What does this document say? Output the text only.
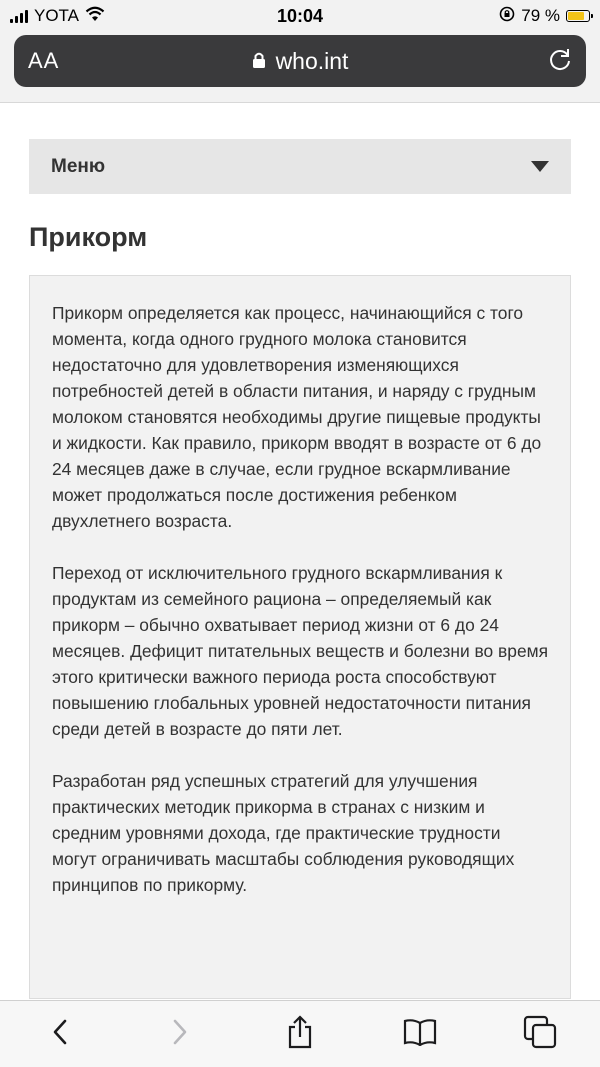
YOTA	10:04	79 %
AA	who.int
Меню
Прикорм

Прикорм определяется как процесс, начинающийся с того момента, когда одного грудного молока становится недостаточно для удовлетворения изменяющихся потребностей детей в области питания, и наряду с грудным молоком становятся необходимы другие пищевые продукты и жидкости. Как правило, прикорм вводят в возрасте от 6 до 24 месяцев даже в случае, если грудное вскармливание может продолжаться после достижения ребенком двухлетнего возраста.

Переход от исключительного грудного вскармливания к продуктам из семейного рациона – определяемый как прикорм – обычно охватывает период жизни от 6 до 24 месяцев. Дефицит питательных веществ и болезни во время этого критически важного периода роста способствуют повышению глобальных уровней недостаточности питания среди детей в возрасте до пяти лет.

Разработан ряд успешных стратегий для улучшения практических методик прикорма в странах с низким и средним уровнями дохода, где практические трудности могут ограничивать масштабы соблюдения руководящих принципов по прикорму.
